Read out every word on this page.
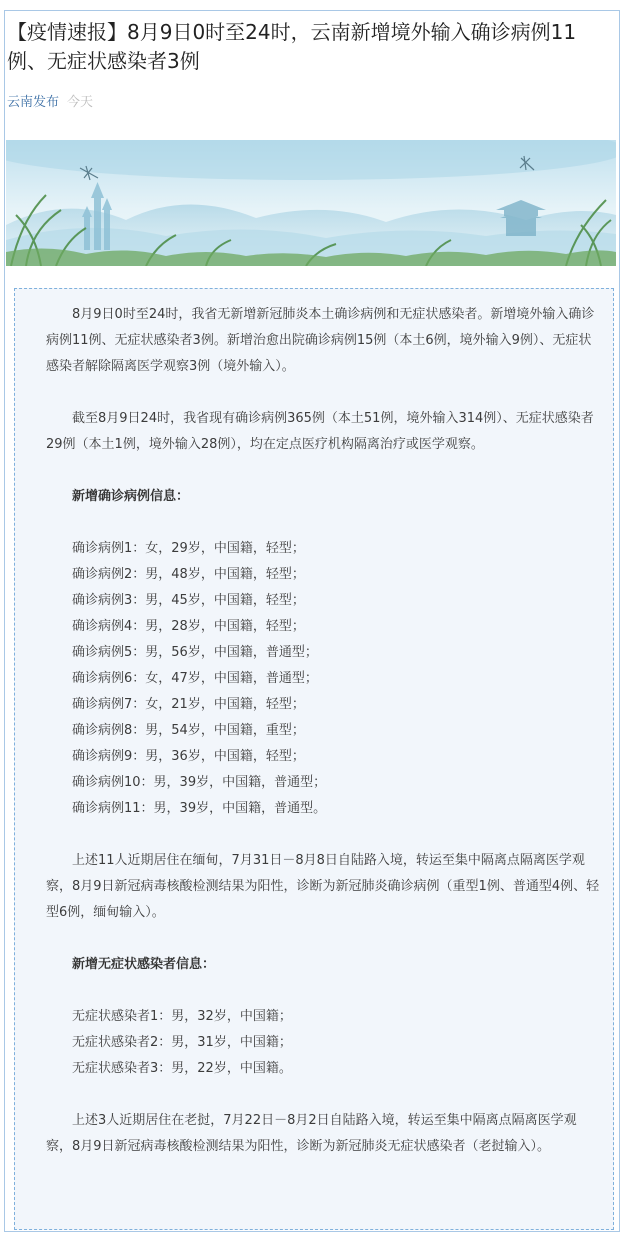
【疫情速报】8月9日0时至24时，云南新增境外输入确诊病例11例、无症状感染者3例
云南发布 今天

8月9日0时至24时，我省无新增新冠肺炎本土确诊病例和无症状感染者。新增境外输入确诊病例11例、无症状感染者3例。新增治愈出院确诊病例15例（本土6例，境外输入9例）、无症状感染者解除隔离医学观察3例（境外输入）。

截至8月9日24时，我省现有确诊病例365例（本土51例，境外输入314例）、无症状感染者29例（本土1例，境外输入28例），均在定点医疗机构隔离治疗或医学观察。

新增确诊病例信息：

确诊病例1：女，29岁，中国籍，轻型；

确诊病例2：男，48岁，中国籍，轻型；

确诊病例3：男，45岁，中国籍，轻型；

确诊病例4：男，28岁，中国籍，轻型；

确诊病例5：男，56岁，中国籍，普通型；

确诊病例6：女，47岁，中国籍，普通型；

确诊病例7：女，21岁，中国籍，轻型；

确诊病例8：男，54岁，中国籍，重型；

确诊病例9：男，36岁，中国籍，轻型；

确诊病例10：男，39岁，中国籍，普通型；

确诊病例11：男，39岁，中国籍，普通型。

上述11人近期居住在缅甸，7月31日－8月8日自陆路入境，转运至集中隔离点隔离医学观察，8月9日新冠病毒核酸检测结果为阳性，诊断为新冠肺炎确诊病例（重型1例、普通型4例、轻型6例，缅甸输入）。

新增无症状感染者信息：

无症状感染者1：男，32岁，中国籍；

无症状感染者2：男，31岁，中国籍；

无症状感染者3：男，22岁，中国籍。

上述3人近期居住在老挝，7月22日－8月2日自陆路入境，转运至集中隔离点隔离医学观察，8月9日新冠病毒核酸检测结果为阳性，诊断为新冠肺炎无症状感染者（老挝输入）。
